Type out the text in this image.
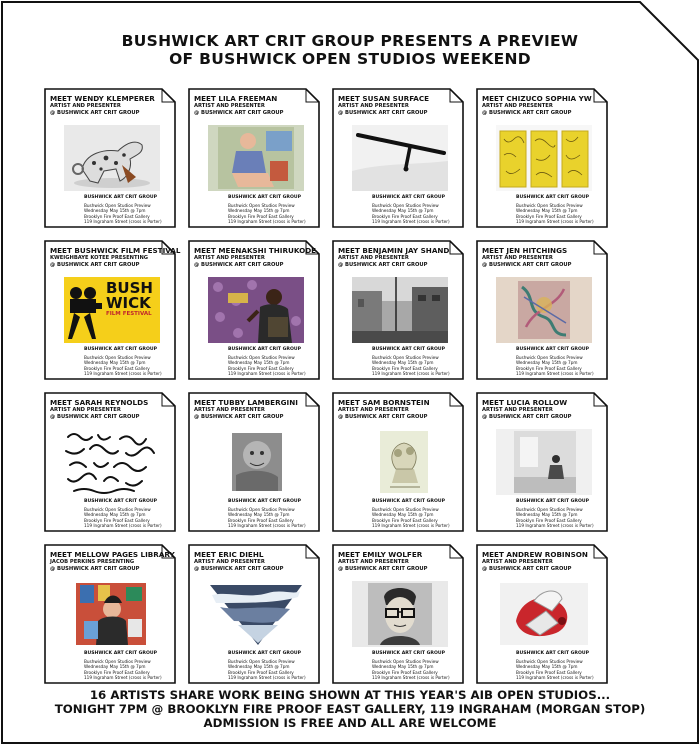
BUSHWICK ART CRIT GROUP PRESENTS A PREVIEW
OF BUSHWICK OPEN STUDIOS WEEKEND
MEET WENDY KLEMPERER
ARTIST AND PRESENTER
@ BUSHWICK ART CRIT GROUP
BUSHWICK ART CRIT GROUP
Bushwick Open Studios Preview
Wednesday May 15th @ 7pm
Brooklyn Fire Proof East Gallery
119 Ingraham Street (cross is Porter)
MEET LILA FREEMAN
ARTIST AND PRESENTER
@ BUSHWICK ART CRIT GROUP
BUSHWICK ART CRIT GROUP
Bushwick Open Studios Preview
Wednesday May 15th @ 7pm
Brooklyn Fire Proof East Gallery
119 Ingraham Street (cross is Porter)
MEET SUSAN SURFACE
ARTIST AND PRESENTER
@ BUSHWICK ART CRIT GROUP
BUSHWICK ART CRIT GROUP
Bushwick Open Studios Preview
Wednesday May 15th @ 7pm
Brooklyn Fire Proof East Gallery
119 Ingraham Street (cross is Porter)
MEET CHIZUCO SOPHIA YW
ARTIST AND PRESENTER
@ BUSHWICK ART CRIT GROUP
BUSHWICK ART CRIT GROUP
Bushwick Open Studios Preview
Wednesday May 15th @ 7pm
Brooklyn Fire Proof East Gallery
119 Ingraham Street (cross is Porter)
MEET BUSHWICK FILM FESTIVAL
KWEIGHBAYE KOTEE PRESENTING
@ BUSHWICK ART CRIT GROUP
BUSH
WICK
FILM FESTIVAL
BUSHWICK ART CRIT GROUP
Bushwick Open Studios Preview
Wednesday May 15th @ 7pm
Brooklyn Fire Proof East Gallery
119 Ingraham Street (cross is Porter)
MEET MEENAKSHI THIRUKODE
ARTIST AND PRESENTER
@ BUSHWICK ART CRIT GROUP
BUSHWICK ART CRIT GROUP
Bushwick Open Studios Preview
Wednesday May 15th @ 7pm
Brooklyn Fire Proof East Gallery
119 Ingraham Street (cross is Porter)
MEET BENJAMIN JAY SHAND
ARTIST AND PRESENTER
@ BUSHWICK ART CRIT GROUP
BUSHWICK ART CRIT GROUP
Bushwick Open Studios Preview
Wednesday May 15th @ 7pm
Brooklyn Fire Proof East Gallery
119 Ingraham Street (cross is Porter)
MEET JEN HITCHINGS
ARTIST AND PRESENTER
@ BUSHWICK ART CRIT GROUP
BUSHWICK ART CRIT GROUP
Bushwick Open Studios Preview
Wednesday May 15th @ 7pm
Brooklyn Fire Proof East Gallery
119 Ingraham Street (cross is Porter)
MEET SARAH REYNOLDS
ARTIST AND PRESENTER
@ BUSHWICK ART CRIT GROUP
BUSHWICK ART CRIT GROUP
Bushwick Open Studios Preview
Wednesday May 15th @ 7pm
Brooklyn Fire Proof East Gallery
119 Ingraham Street (cross is Porter)
MEET TUBBY LAMBERGINI
ARTIST AND PRESENTER
@ BUSHWICK ART CRIT GROUP
BUSHWICK ART CRIT GROUP
Bushwick Open Studios Preview
Wednesday May 15th @ 7pm
Brooklyn Fire Proof East Gallery
119 Ingraham Street (cross is Porter)
MEET SAM BORNSTEIN
ARTIST AND PRESENTER
@ BUSHWICK ART CRIT GROUP
BUSHWICK ART CRIT GROUP
Bushwick Open Studios Preview
Wednesday May 15th @ 7pm
Brooklyn Fire Proof East Gallery
119 Ingraham Street (cross is Porter)
MEET LUCIA ROLLOW
ARTIST AND PRESENTER
@ BUSHWICK ART CRIT GROUP
BUSHWICK ART CRIT GROUP
Bushwick Open Studios Preview
Wednesday May 15th @ 7pm
Brooklyn Fire Proof East Gallery
119 Ingraham Street (cross is Porter)
MEET MELLOW PAGES LIBRARY
JACOB PERKINS PRESENTING
@ BUSHWICK ART CRIT GROUP
BUSHWICK ART CRIT GROUP
Bushwick Open Studios Preview
Wednesday May 15th @ 7pm
Brooklyn Fire Proof East Gallery
119 Ingraham Street (cross is Porter)
MEET ERIC DIEHL
ARTIST AND PRESENTER
@ BUSHWICK ART CRIT GROUP
BUSHWICK ART CRIT GROUP
Bushwick Open Studios Preview
Wednesday May 15th @ 7pm
Brooklyn Fire Proof East Gallery
119 Ingraham Street (cross is Porter)
MEET EMILY WOLFER
ARTIST AND PRESENTER
@ BUSHWICK ART CRIT GROUP
BUSHWICK ART CRIT GROUP
Bushwick Open Studios Preview
Wednesday May 15th @ 7pm
Brooklyn Fire Proof East Gallery
119 Ingraham Street (cross is Porter)
MEET ANDREW ROBINSON
ARTIST AND PRESENTER
@ BUSHWICK ART CRIT GROUP
BUSHWICK ART CRIT GROUP
Bushwick Open Studios Preview
Wednesday May 15th @ 7pm
Brooklyn Fire Proof East Gallery
119 Ingraham Street (cross is Porter)
16 ARTISTS SHARE WORK BEING SHOWN AT THIS YEAR'S AIB OPEN STUDIOS...
TONIGHT 7PM @ BROOKLYN FIRE PROOF EAST GALLERY, 119 INGRAHAM (MORGAN STOP)
ADMISSION IS FREE AND ALL ARE WELCOME
